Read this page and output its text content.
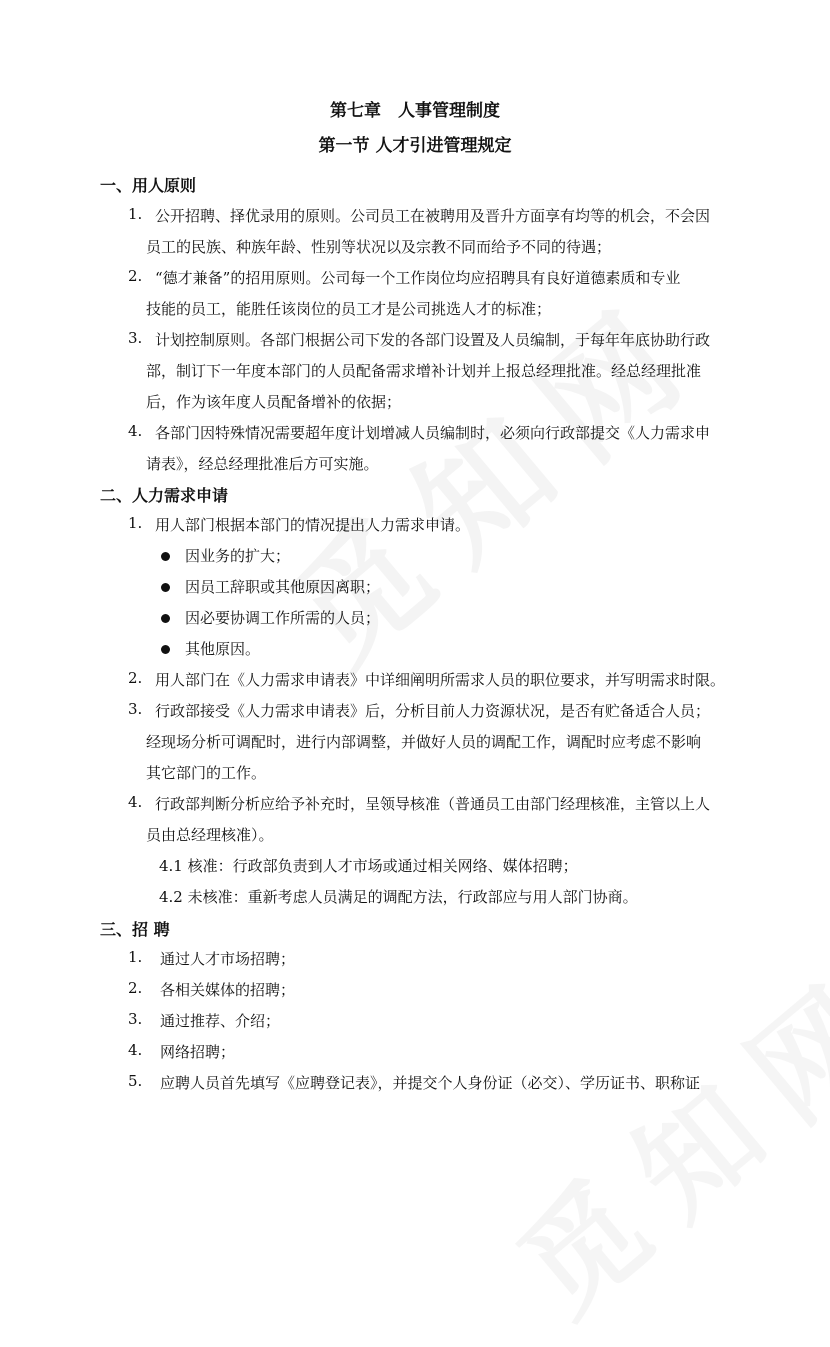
第七章　人事管理制度
第一节 人才引进管理规定
一、用人原则
1. 公开招聘、择优录用的原则。公司员工在被聘用及晋升方面享有均等的机会，不会因
员工的民族、种族年龄、性别等状况以及宗教不同而给予不同的待遇；
2. “德才兼备”的招用原则。公司每一个工作岗位均应招聘具有良好道德素质和专业
技能的员工，能胜任该岗位的员工才是公司挑选人才的标准；
3. 计划控制原则。各部门根据公司下发的各部门设置及人员编制，于每年年底协助行政
部，制订下一年度本部门的人员配备需求增补计划并上报总经理批准。经总经理批准
后，作为该年度人员配备增补的依据；
4. 各部门因特殊情况需要超年度计划增减人员编制时，必须向行政部提交《人力需求申
请表》，经总经理批准后方可实施。
二、人力需求申请
1. 用人部门根据本部门的情况提出人力需求申请。
因业务的扩大；
因员工辞职或其他原因离职；
因必要协调工作所需的人员；
其他原因。
2. 用人部门在《人力需求申请表》中详细阐明所需求人员的职位要求，并写明需求时限。
3. 行政部接受《人力需求申请表》后，分析目前人力资源状况，是否有贮备适合人员；
经现场分析可调配时，进行内部调整，并做好人员的调配工作，调配时应考虑不影响
其它部门的工作。
4. 行政部判断分析应给予补充时，呈领导核准（普通员工由部门经理核准，主管以上人
员由总经理核准）。
4.1 核准：行政部负责到人才市场或通过相关网络、媒体招聘；
4.2 未核准：重新考虑人员满足的调配方法，行政部应与用人部门协商。
三、招 聘
1. 通过人才市场招聘；
2. 各相关媒体的招聘；
3. 通过推荐、介绍；
4. 网络招聘；
5. 应聘人员首先填写《应聘登记表》，并提交个人身份证（必交）、学历证书、职称证
